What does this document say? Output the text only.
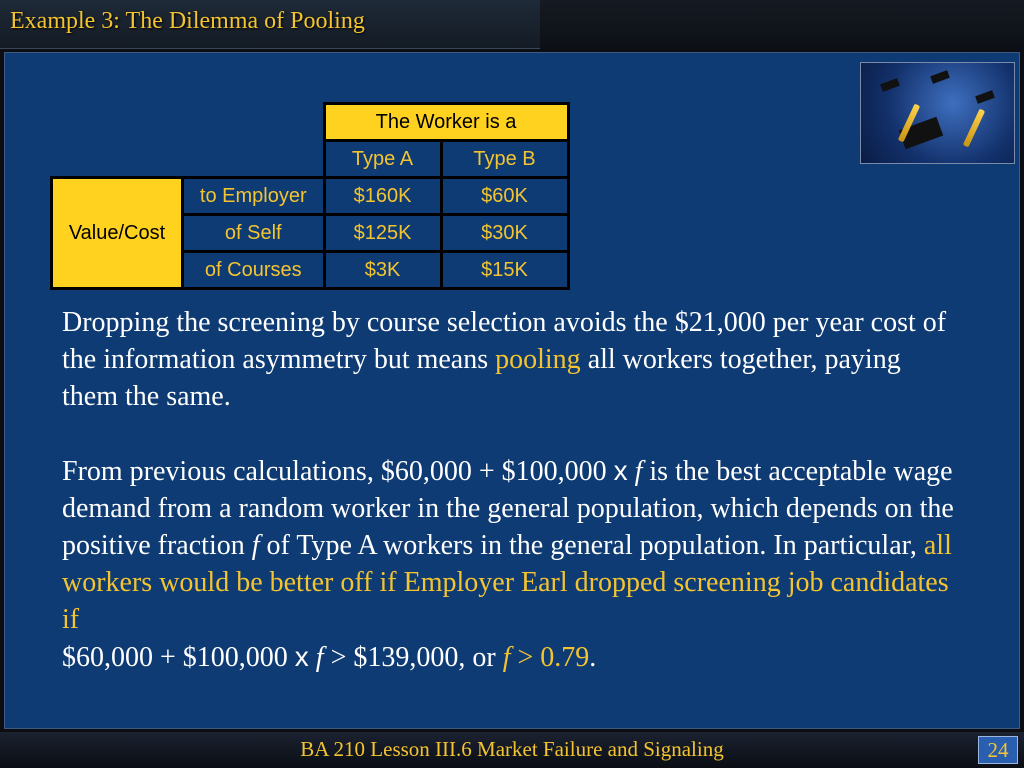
Example 3: The Dilemma of Pooling
		The Worker is a	
		Type A	Type B
Value/Cost	to Employer	$160K	$60K
	of Self	$125K	$30K
	of Courses	$3K	$15K

Dropping the screening by course selection avoids the $21,000 per year cost of the information asymmetry but means pooling all workers together, paying them the same.

From previous calculations, $60,000 + $100,000 x f is the best acceptable wage demand from a random worker in the general population, which depends on the positive fraction f of Type A workers in the general population. In particular, all workers would be better off if Employer Earl dropped screening job candidates if

$60,000 + $100,000 x f > $139,000, or f > 0.79.

BA 210 Lesson III.6 Market Failure and Signaling	24
